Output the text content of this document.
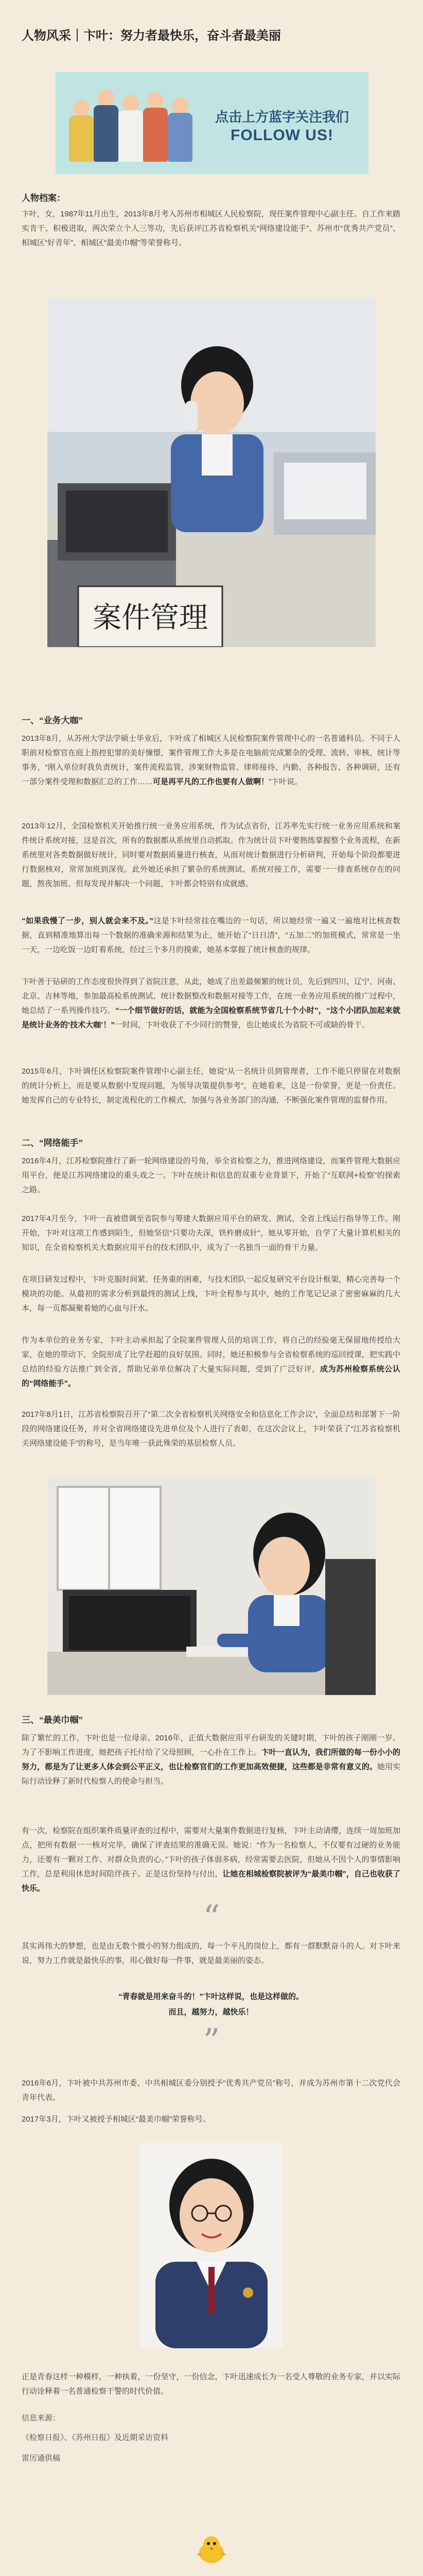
人物风采｜卞叶：努力者最快乐，奋斗者最美丽
点击上方蓝字关注我们
FOLLOW US!
人物档案：

卞叶，女，1987年11月出生，2013年8月考入苏州市相城区人民检察院，现任案件管理中心副主任。自工作来踏实肯干、积极进取，两次荣立个人三等功，先后获评江苏省检察机关“网络建设能手”、苏州市“优秀共产党员”、相城区“好青年”、相城区“最美巾帼”等荣誉称号。

案件管理
一、“业务大咖”

2013年8月，从苏州大学法学硕士毕业后，卞叶成了相城区人民检察院案件管理中心的一名普通科员。不同于人职前对检察官在庭上指控犯罪的美好憧憬，案件管理工作大多是在电脑前完成繁杂的受理、流转、审核、统计等事务，“刚入单位时我负责统计，案件流程监管，涉案财物监管、律师接待、内勤、各种报告、各种调研，还有一部分案件受理和数据汇总的工作……可是再平凡的工作也要有人做啊！”卞叶说。

2013年12月，全国检察机关开始推行统一业务应用系统，作为试点省份，江苏率先实行统一业务应用系统和案件统计系统对接，这是首次，所有的数据都从系统里自动抓取。作为统计员卞叶要熟练掌握整个业务流程，在新系统里对各类数据做好统计，同时要对数据质量进行核查，从而对统计数据进行分析研判，开始每个阶段都要进行数据核对，常常加班到深夜。此外她还承担了繁杂的系统测试、系统对接工作，需要一一排查系统存在的问题，熬夜加班、但每发现并解决一个问题，卞叶都会特别有成就感。

“如果我慢了一步，别人就会来不及。”这是卞叶经常挂在嘴边的一句话，所以她经常一遍又一遍地对比核查数据，直到精准地算出每一个数据的准确来源和结果为止，她开始了“日日清”，“五加二”的加班模式，常常是一坐一天，一边吃饭一边盯着系统，经过三个多月的摸索，她基本掌握了统计核查的规律。

卞叶善于钻研的工作态度很快得到了省院注意，从此，她成了出差最频繁的统计员，先后到四川、辽宁、河南、北京、吉林等地，参加最高检系统测试、统计数据整改和数据对接等工作，在统一业务应用系统的推广过程中，她总结了一系列操作技巧。“一个细节做好的话，就能为全国检察系统节省几十个小时”，“这个小团队加起来就是统计业务的‘技术大咖’！”一时间，卞叶收获了不少同行的赞誉，也让她成长为省院不可或缺的骨干。

2015年6月，卞叶调任区检察院案件管理中心副主任，她说“从一名统计员到管理者，工作不能只停留在对数据的统计分析上，而是要从数据中发现问题，为领导决策提供参考”，在她看来，这是一份荣誉，更是一份责任。她发挥自己的专业特长，制定流程化的工作模式，加强与各业务部门的沟通，不断强化案件管理的监督作用。

二、“网络能手”

2016年4月，江苏检察院推行了新一轮网络建设的号角，举全省检察之力，推进网络建设，而案件管理大数据应用平台，便是江苏网络建设的重头戏之一。卞叶在统计和信息的双重专业背景下，开始了“互联网+检察”的探索之路。

2017年4月至今，卞叶一直被借调至省院参与筹建大数据应用平台的研发、测试、全省上线运行指导等工作。刚开始，卞叶对这项工作感到陌生，但她坚信“只要功夫深，铁杵磨成针”，她从零开始，自学了大量计算机相关的知识，在全省检察机关大数据应用平台的技术团队中，成为了一名独当一面的骨干力量。

在项目研发过程中，卞叶克服时间紧、任务重的困难，与技术团队一起反复研究平台设计框架，精心完善每一个模块的功能。从最初的需求分析到最终的测试上线，卞叶全程参与其中，她的工作笔记记录了密密麻麻的几大本，每一页都凝聚着她的心血与汗水。

作为本单位的业务专家，卞叶主动承担起了全院案件管理人员的培训工作，将自己的经验毫无保留地传授给大家，在她的带动下，全院形成了比学赶超的良好氛围。同时，她还积极参与全省检察系统的巡回授课，把实践中总结的经验方法推广到全省，帮助兄弟单位解决了大量实际问题，受到了广泛好评，成为苏州检察系统公认的“网络能手”。

2017年8月1日，江苏省检察院召开了“第二次全省检察机关网络安全和信息化工作会议”，全面总结和部署下一阶段的网络建设任务，并对全省网络建设先进单位及个人进行了表彰，在这次会议上，卞叶荣获了“江苏省检察机关网络建设能手”的称号，是当年唯一获此殊荣的基层检察人员。

三、“最美巾帼”

除了繁忙的工作，卞叶也是一位母亲。2016年，正值大数据应用平台研发的关键时期，卞叶的孩子刚刚一岁。为了不影响工作进度，她把孩子托付给了父母照顾，一心扑在工作上。卞叶一直认为，我们所做的每一份小小的努力，都是为了让更多人体会到公平正义，也让检察官们的工作更加高效便捷，这些都是非常有意义的。她用实际行动诠释了新时代检察人的使命与担当。

有一次，检察院在组织案件质量评查的过程中，需要对大量案件数据进行复核，卞叶主动请缨，连续一周加班加点，把所有数据一一核对完毕，确保了评查结果的准确无误。她说：“作为一名检察人，不仅要有过硬的业务能力，还要有一颗对工作、对群众负责的心。”卞叶的孩子体弱多病，经常需要去医院，但她从不因个人的事情影响工作，总是利用休息时间陪伴孩子。正是这份坚持与付出，让她在相城检察院被评为“最美巾帼”，自己也收获了快乐。

“

其实再伟大的梦想，也是由无数个微小的努力组成的，每一个平凡的岗位上，都有一群默默奋斗的人。对卞叶来说，努力工作就是最快乐的事，用心做好每一件事，就是最美丽的姿态。

“青春就是用来奋斗的！”卞叶这样说，也是这样做的。
而且，越努力，越快乐！
”

2016年6月，卞叶被中共苏州市委、中共相城区委分别授予“优秀共产党员”称号，并成为苏州市第十二次党代会青年代表。

2017年3月，卞叶又被授予相城区“最美巾帼”荣誉称号。

正是青春这样一种模样，一种执着，一份坚守，一份信念，卞叶迅速成长为一名受人尊敬的业务专家，并以实际行动诠释着一名普通检察干警的时代价值。

信息来源：
《检察日报》、《苏州日报》及近期采访资料
雷厉通供稿
